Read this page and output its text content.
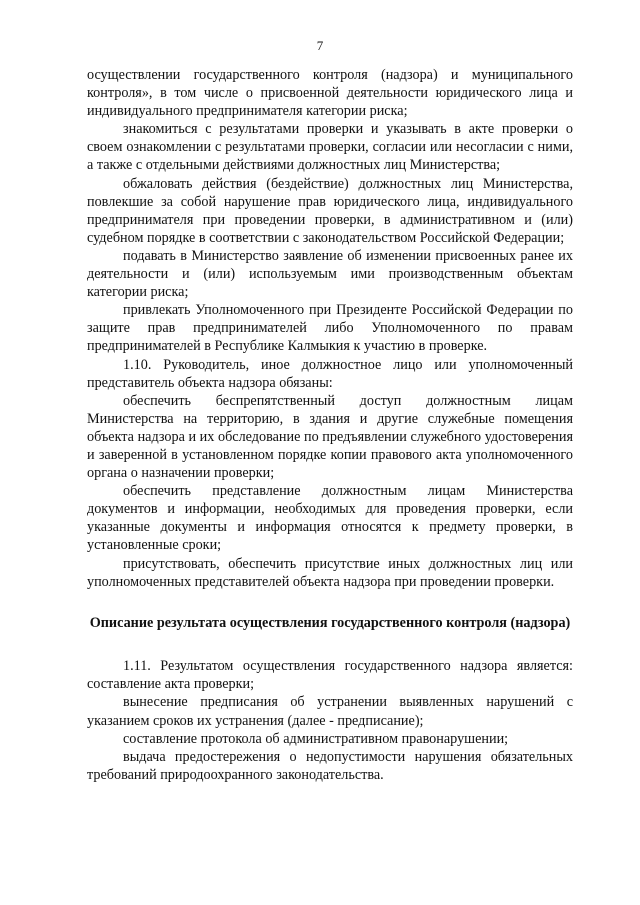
7

осуществлении государственного контроля (надзора) и муниципального контроля», в том числе о присвоенной деятельности юридического лица и индивидуального предпринимателя категории риска;

знакомиться с результатами проверки и указывать в акте проверки о своем ознакомлении с результатами проверки, согласии или несогласии с ними, а также с отдельными действиями должностных лиц Министерства;

обжаловать действия (бездействие) должностных лиц Министерства, повлекшие за собой нарушение прав юридического лица, индивидуального предпринимателя при проведении проверки, в административном и (или) судебном порядке в соответствии с законодательством Российской Федерации;

подавать в Министерство заявление об изменении присвоенных ранее их деятельности и (или) используемым ими производственным объектам категории риска;

привлекать Уполномоченного при Президенте Российской Федерации по защите прав предпринимателей либо Уполномоченного по правам предпринимателей в Республике Калмыкия к участию в проверке.

1.10. Руководитель, иное должностное лицо или уполномоченный представитель объекта надзора обязаны:

обеспечить беспрепятственный доступ должностным лицам Министерства на территорию, в здания и другие служебные помещения объекта надзора и их обследование по предъявлении служебного удостоверения и заверенной в установленном порядке копии правового акта уполномоченного органа о назначении проверки;

обеспечить представление должностным лицам Министерства документов и информации, необходимых для проведения проверки, если указанные документы и информация относятся к предмету проверки, в установленные сроки;

присутствовать, обеспечить присутствие иных должностных лиц или уполномоченных представителей объекта надзора при проведении проверки.

Описание результата осуществления государственного контроля (надзора)

1.11. Результатом осуществления государственного надзора является: составление акта проверки;

вынесение предписания об устранении выявленных нарушений с указанием сроков их устранения (далее - предписание);

составление протокола об административном правонарушении;

выдача предостережения о недопустимости нарушения обязательных требований природоохранного законодательства.
